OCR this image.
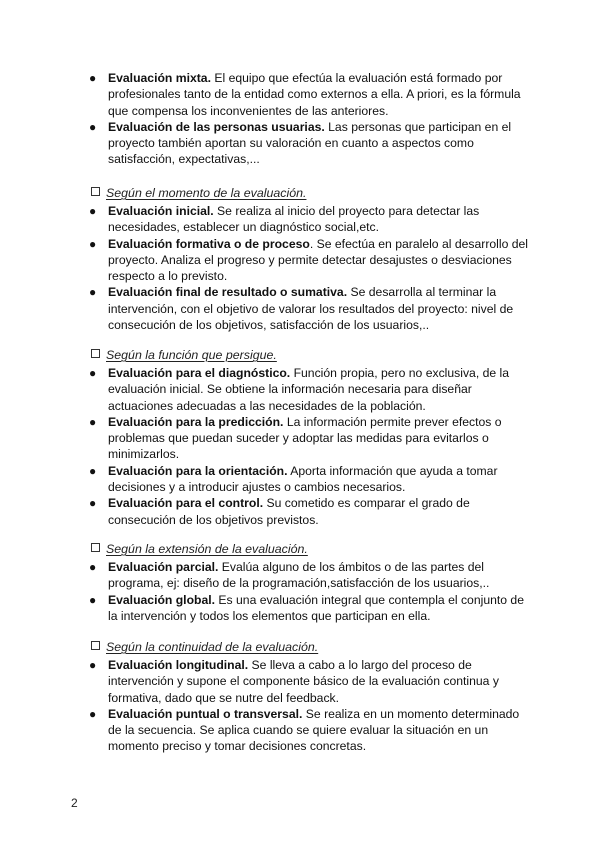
● Evaluación mixta. El equipo que efectúa la evaluación está formado por profesionales tanto de la entidad como externos a ella. A priori, es la fórmula que compensa los inconvenientes de las anteriores.

● Evaluación de las personas usuarias. Las personas que participan en el proyecto también aportan su valoración en cuanto a aspectos como satisfacción, expectativas,...

Según el momento de la evaluación.

● Evaluación inicial. Se realiza al inicio del proyecto para detectar las necesidades, establecer un diagnóstico social,etc.

● Evaluación formativa o de proceso. Se efectúa en paralelo al desarrollo del proyecto. Analiza el progreso y permite detectar desajustes o desviaciones respecto a lo previsto.

● Evaluación final de resultado o sumativa. Se desarrolla al terminar la intervención, con el objetivo de valorar los resultados del proyecto: nivel de consecución de los objetivos, satisfacción de los usuarios,..

Según la función que persigue.

● Evaluación para el diagnóstico. Función propia, pero no exclusiva, de la evaluación inicial. Se obtiene la información necesaria para diseñar actuaciones adecuadas a las necesidades de la población.

● Evaluación para la predicción. La información permite prever efectos o problemas que puedan suceder y adoptar las medidas para evitarlos o minimizarlos.

● Evaluación para la orientación. Aporta información que ayuda a tomar decisiones y a introducir ajustes o cambios necesarios.

● Evaluación para el control. Su cometido es comparar el grado de consecución de los objetivos previstos.

Según la extensión de la evaluación.

● Evaluación parcial. Evalúa alguno de los ámbitos o de las partes del programa, ej: diseño de la programación,satisfacción de los usuarios,..

● Evaluación global. Es una evaluación integral que contempla el conjunto de la intervención y todos los elementos que participan en ella.

Según la continuidad de la evaluación.

● Evaluación longitudinal. Se lleva a cabo a lo largo del proceso de intervención y supone el componente básico de la evaluación continua y formativa, dado que se nutre del feedback.

● Evaluación puntual o transversal. Se realiza en un momento determinado de la secuencia. Se aplica cuando se quiere evaluar la situación en un momento preciso y tomar decisiones concretas.

2
